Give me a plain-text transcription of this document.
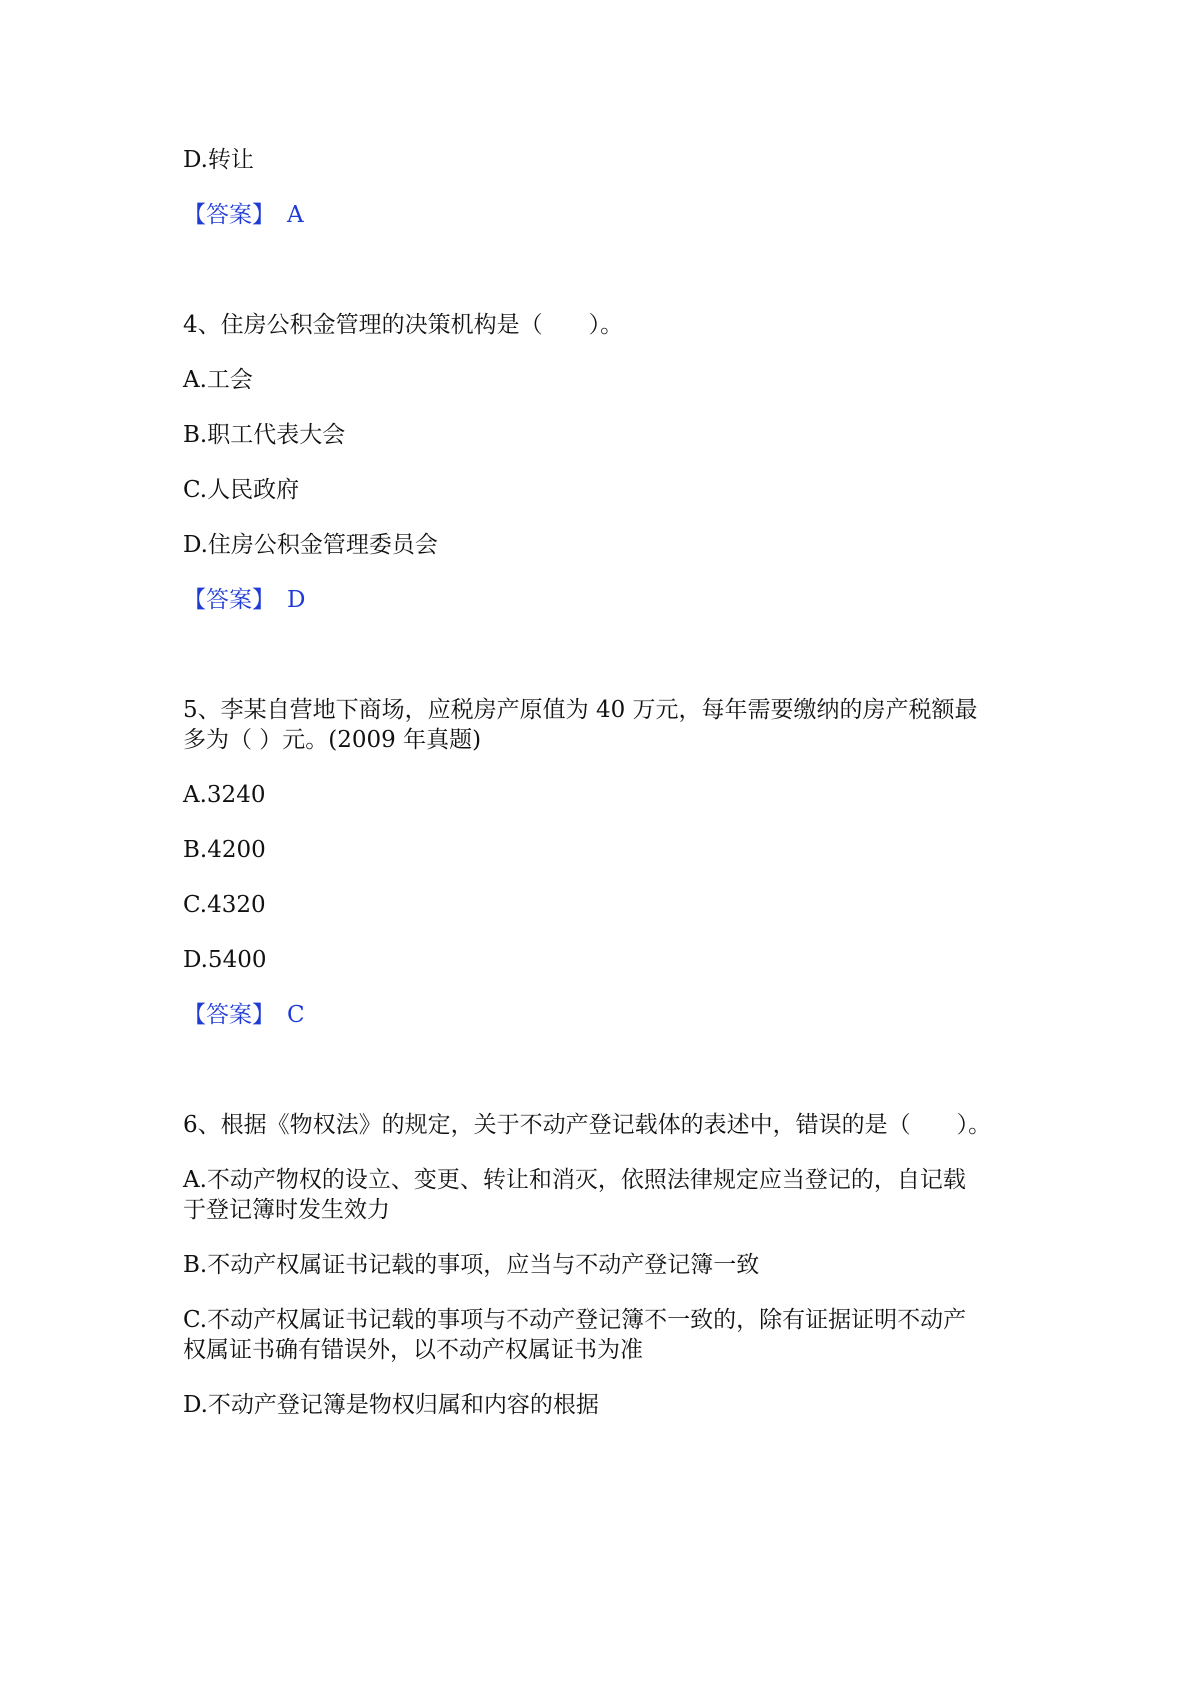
D.转让

【答案】 A

4、住房公积金管理的决策机构是（　　）。

A.工会

B.职工代表大会

C.人民政府

D.住房公积金管理委员会

【答案】 D

5、李某自营地下商场，应税房产原值为 40 万元，每年需要缴纳的房产税额最

多为（ ）元。(2009 年真题)

A.3240

B.4200

C.4320

D.5400

【答案】 C

6、根据《物权法》的规定，关于不动产登记载体的表述中，错误的是（　　）。

A.不动产物权的设立、变更、转让和消灭，依照法律规定应当登记的，自记载

于登记簿时发生效力

B.不动产权属证书记载的事项，应当与不动产登记簿一致

C.不动产权属证书记载的事项与不动产登记簿不一致的，除有证据证明不动产

权属证书确有错误外，以不动产权属证书为准

D.不动产登记簿是物权归属和内容的根据
